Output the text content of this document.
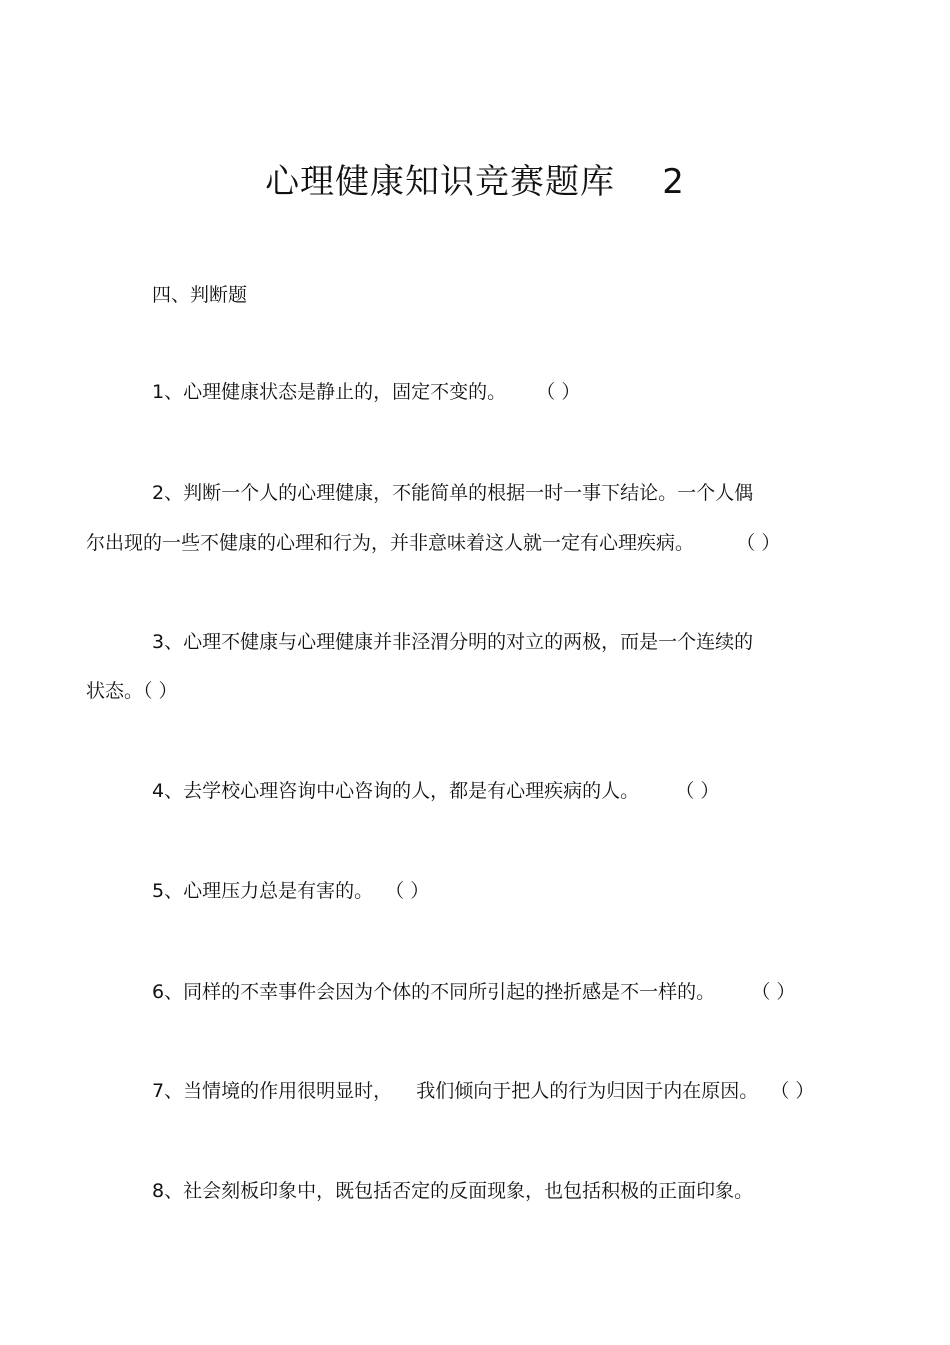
心理健康知识竞赛题库    2
四、判断题
1、心理健康状态是静止的，固定不变的。     （ ）
2、判断一个人的心理健康，不能简单的根据一时一事下结论。一个人偶
尔出现的一些不健康的心理和行为，并非意味着这人就一定有心理疾病。       （ ）
3、心理不健康与心理健康并非泾渭分明的对立的两极，而是一个连续的
状态。（ ）
4、去学校心理咨询中心咨询的人，都是有心理疾病的人。      （ ）
5、心理压力总是有害的。  （ ）
6、同样的不幸事件会因为个体的不同所引起的挫折感是不一样的。      （ ）
7、当情境的作用很明显时，    我们倾向于把人的行为归因于内在原因。  （ ）
8、社会刻板印象中，既包括否定的反面现象，也包括积极的正面印象。
